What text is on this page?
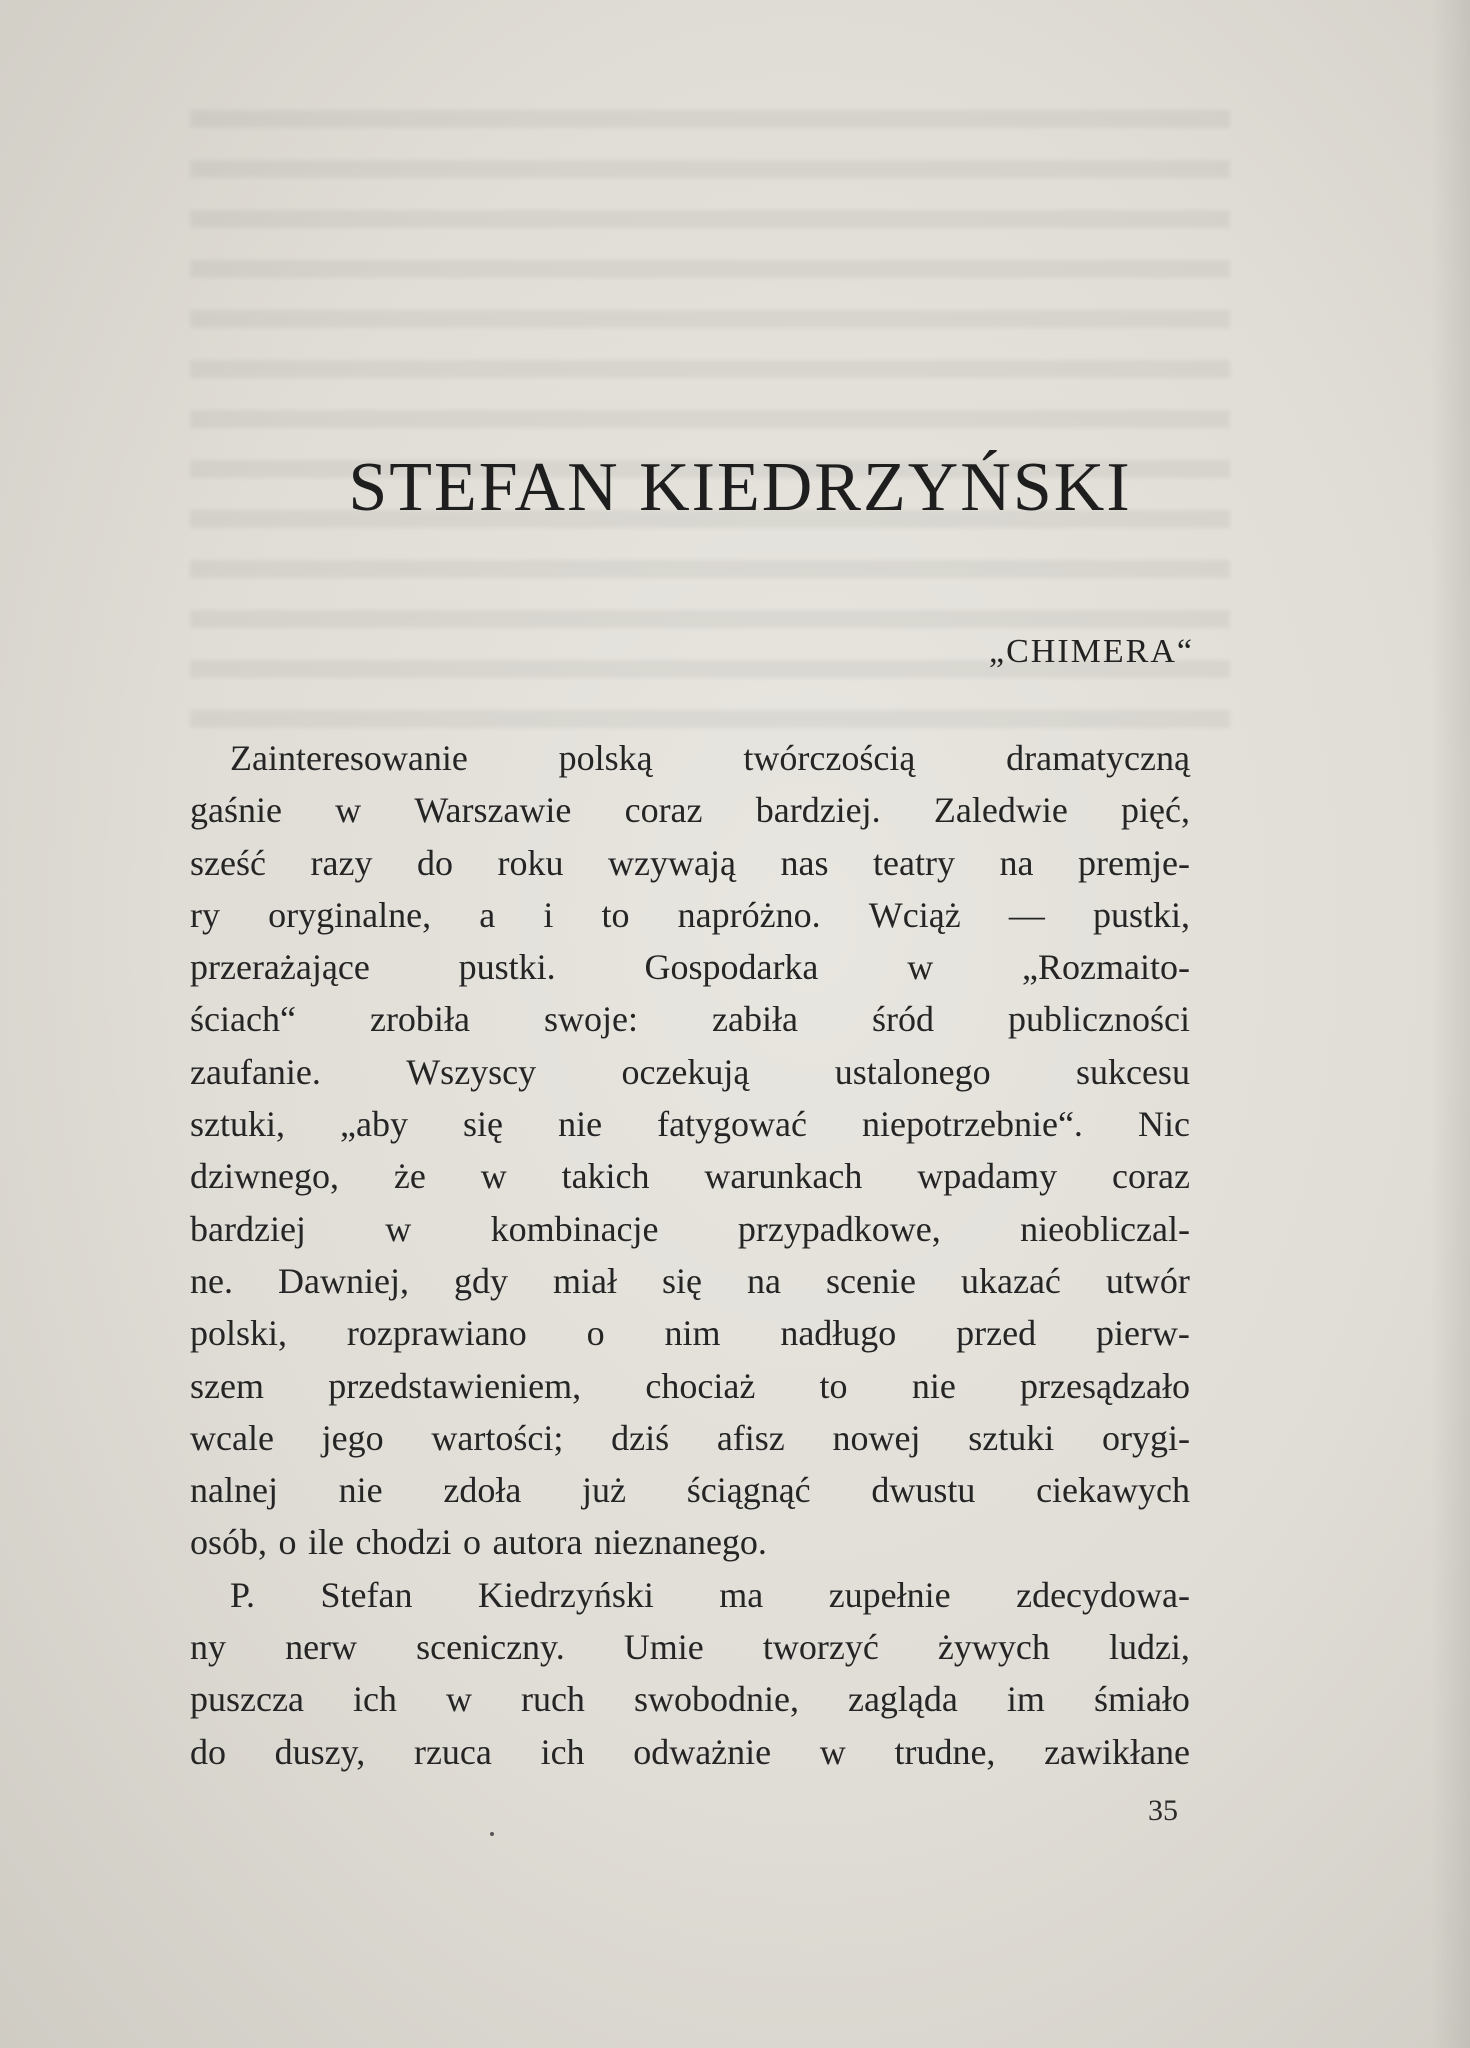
STEFAN KIEDRZYŃSKI

„CHIMERA“

Zainteresowanie	polską	twórczością	dramatyczną
gaśnie w Warszawie coraz bardziej. Zaledwie pięć,
sześć razy do roku wzywają nas teatry na premje-
ry oryginalne, a i to napróżno. Wciąż — pustki,
przerażające pustki. Gospodarka w „Rozmaito-
ściach“ zrobiła swoje: zabiła śród publiczności
zaufanie. Wszyscy oczekują ustalonego sukcesu
sztuki, „aby się nie fatygować niepotrzebnie“. Nic
dziwnego, że w takich warunkach wpadamy coraz
bardziej w kombinacje przypadkowe, nieobliczal-
ne. Dawniej, gdy miał się na scenie ukazać utwór
polski, rozprawiano o nim nadługo przed pierw-
szem przedstawieniem, chociaż to nie przesądzało
wcale jego wartości; dziś afisz nowej sztuki orygi-
nalnej nie zdoła już ściągnąć dwustu ciekawych
osób, o ile chodzi o autora nieznanego.
P. Stefan Kiedrzyński ma zupełnie zdecydowa-
ny nerw sceniczny. Umie tworzyć żywych ludzi,
puszcza ich w ruch swobodnie, zagląda im śmiało
do duszy, rzuca ich odważnie w trudne, zawikłane
35
